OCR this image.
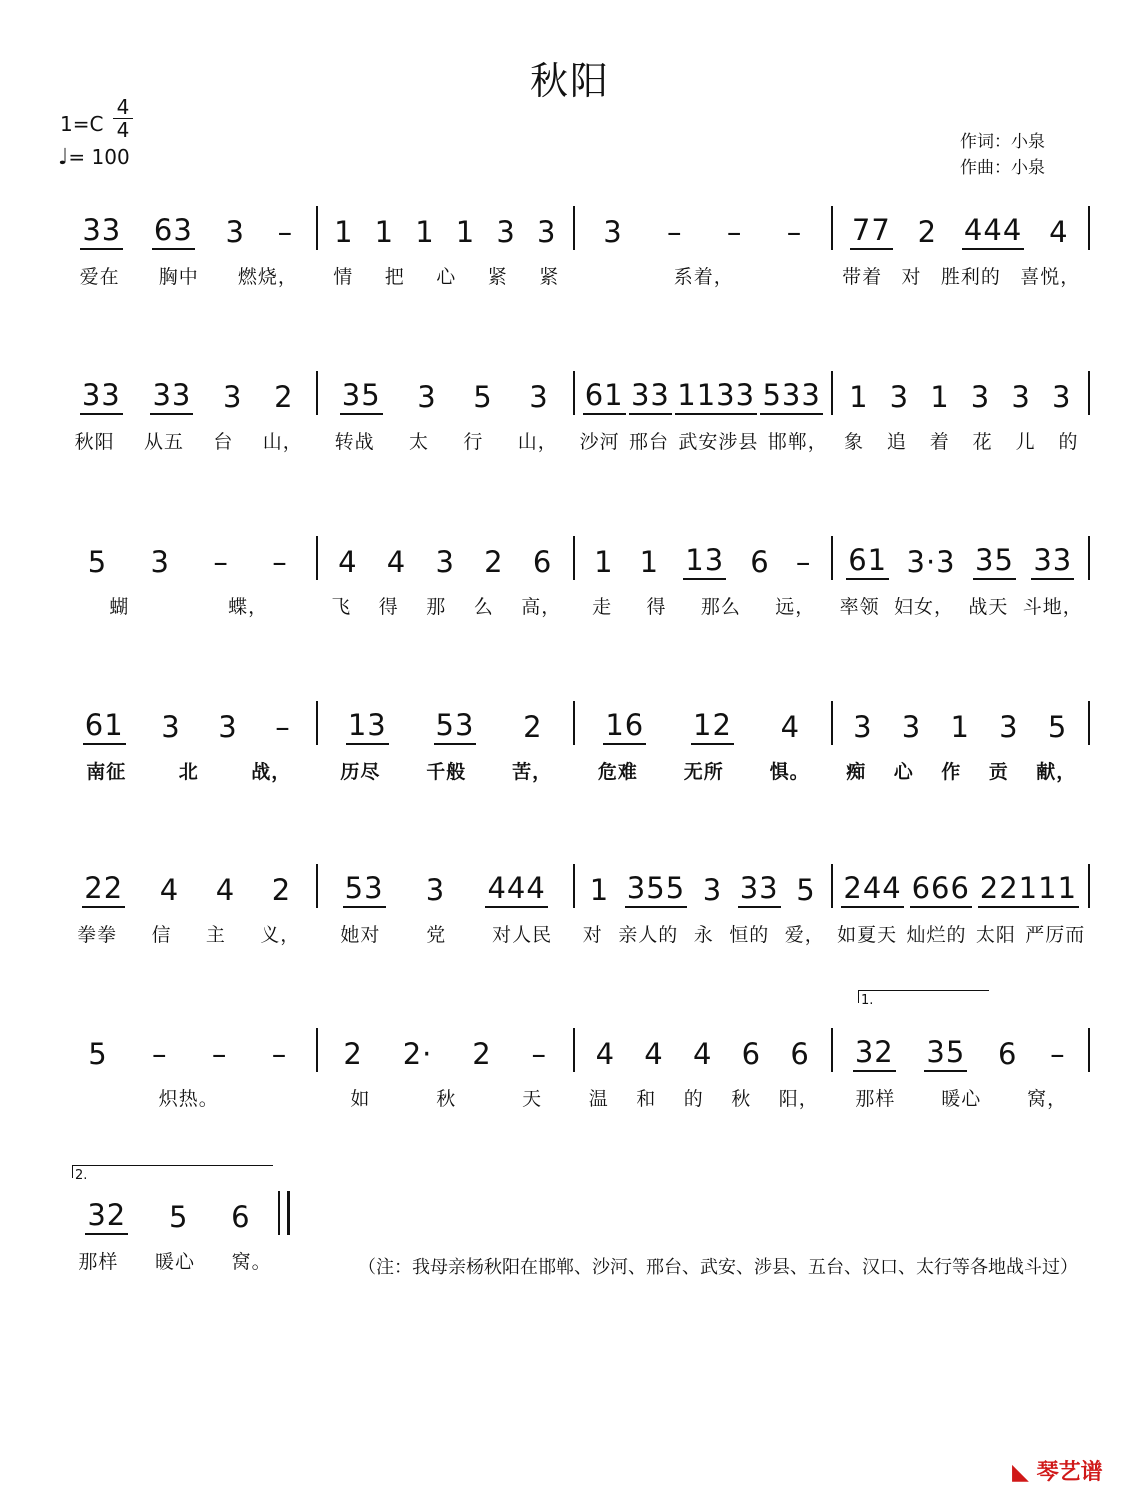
秋阳
1=C
4
4
♩= 100
作词：小泉
作曲：小泉
33 63 3 – 1 1 1 1 3 3 3 – – – 77 2 444 4
爱在 胸中 燃烧， 情 把 心 紧 紧	系着，	带着 对 胜利的 喜悦，
33 33 3 2 35 3 5 3 61 33 1133 533 1 3 1 3 3 3
秋阳 从五 台 山， 转战 太 行 山， 沙河 邢台 武安涉县 邯郸， 象 追 着 花 儿 的
5 3 – – 4 4 3 2 6 1 1 13 6 – 61 3·3 35 33
蝴	蝶，	飞 得 那 么 高， 走 得 那么 远， 率领 妇女， 战天 斗地，
61 3 3 – 13 53 2 16 12 4 3 3 1 3 5
南征	北	战，	历尽 千般 苦， 危难 无所 惧。 痴 心 作 贡 献，
22 4 4 2 53 3 444 1 355 3 33 5 244 666 22111
拳拳 信 主 义， 她对 党 对人民 对 亲人的 永 恒的 爱， 如夏天 灿烂的 太阳 严厉而
5 – – – 2 2· 2 – 4 4 4 6 6 32 35 6 –
炽热。	如	秋	天 温 和 的 秋 阳， 那样 暖心 窝，
32 5 6
那样 暖心 窝。
1.
2.
（注：我母亲杨秋阳在邯郸、沙河、邢台、武安、涉县、五台、汉口、太行等各地战斗过）
◣ 琴艺谱
